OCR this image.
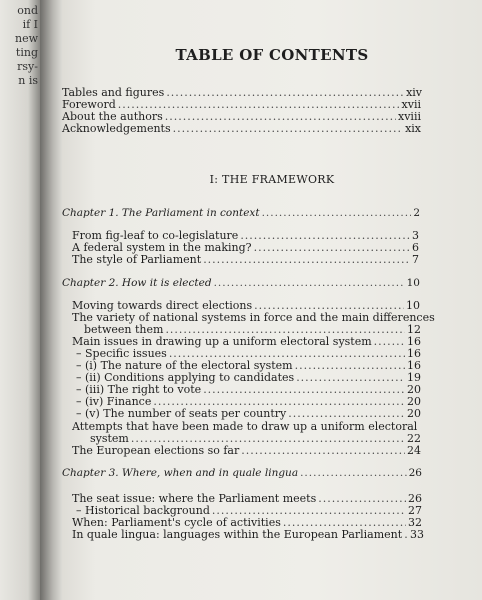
ond
if I
new
ting
rsy-
n is
TABLE OF CONTENTS
Tables and figures .....	xiv
Foreword .....	xvii
About the authors .....	xviii
Acknowledgements .....	xix
I: THE FRAMEWORK
Chapter 1. The Parliament in context .....	2
From fig-leaf to co-legislature .....	3
A federal system in the making? .....	6
The style of Parliament .....	7
Chapter 2. How it is elected .....	10
Moving towards direct elections .....	10
The variety of national systems in force and the main differences
between them .....	12
Main issues in drawing up a uniform electoral system .....	16
– Specific issues .....	16
– (i) The nature of the electoral system .....	16
– (ii) Conditions applying to candidates .....	19
– (iii) The right to vote .....	20
– (iv) Finance .....	20
– (v) The number of seats per country .....	20
Attempts that have been made to draw up a uniform electoral
system .....	22
The European elections so far .....	24
Chapter 3. Where, when and in quale lingua .....	26
The seat issue: where the Parliament meets .....	26
– Historical background .....	27
When: Parliament's cycle of activities .....	32
In quale lingua: languages within the European Parliament ..... 33
